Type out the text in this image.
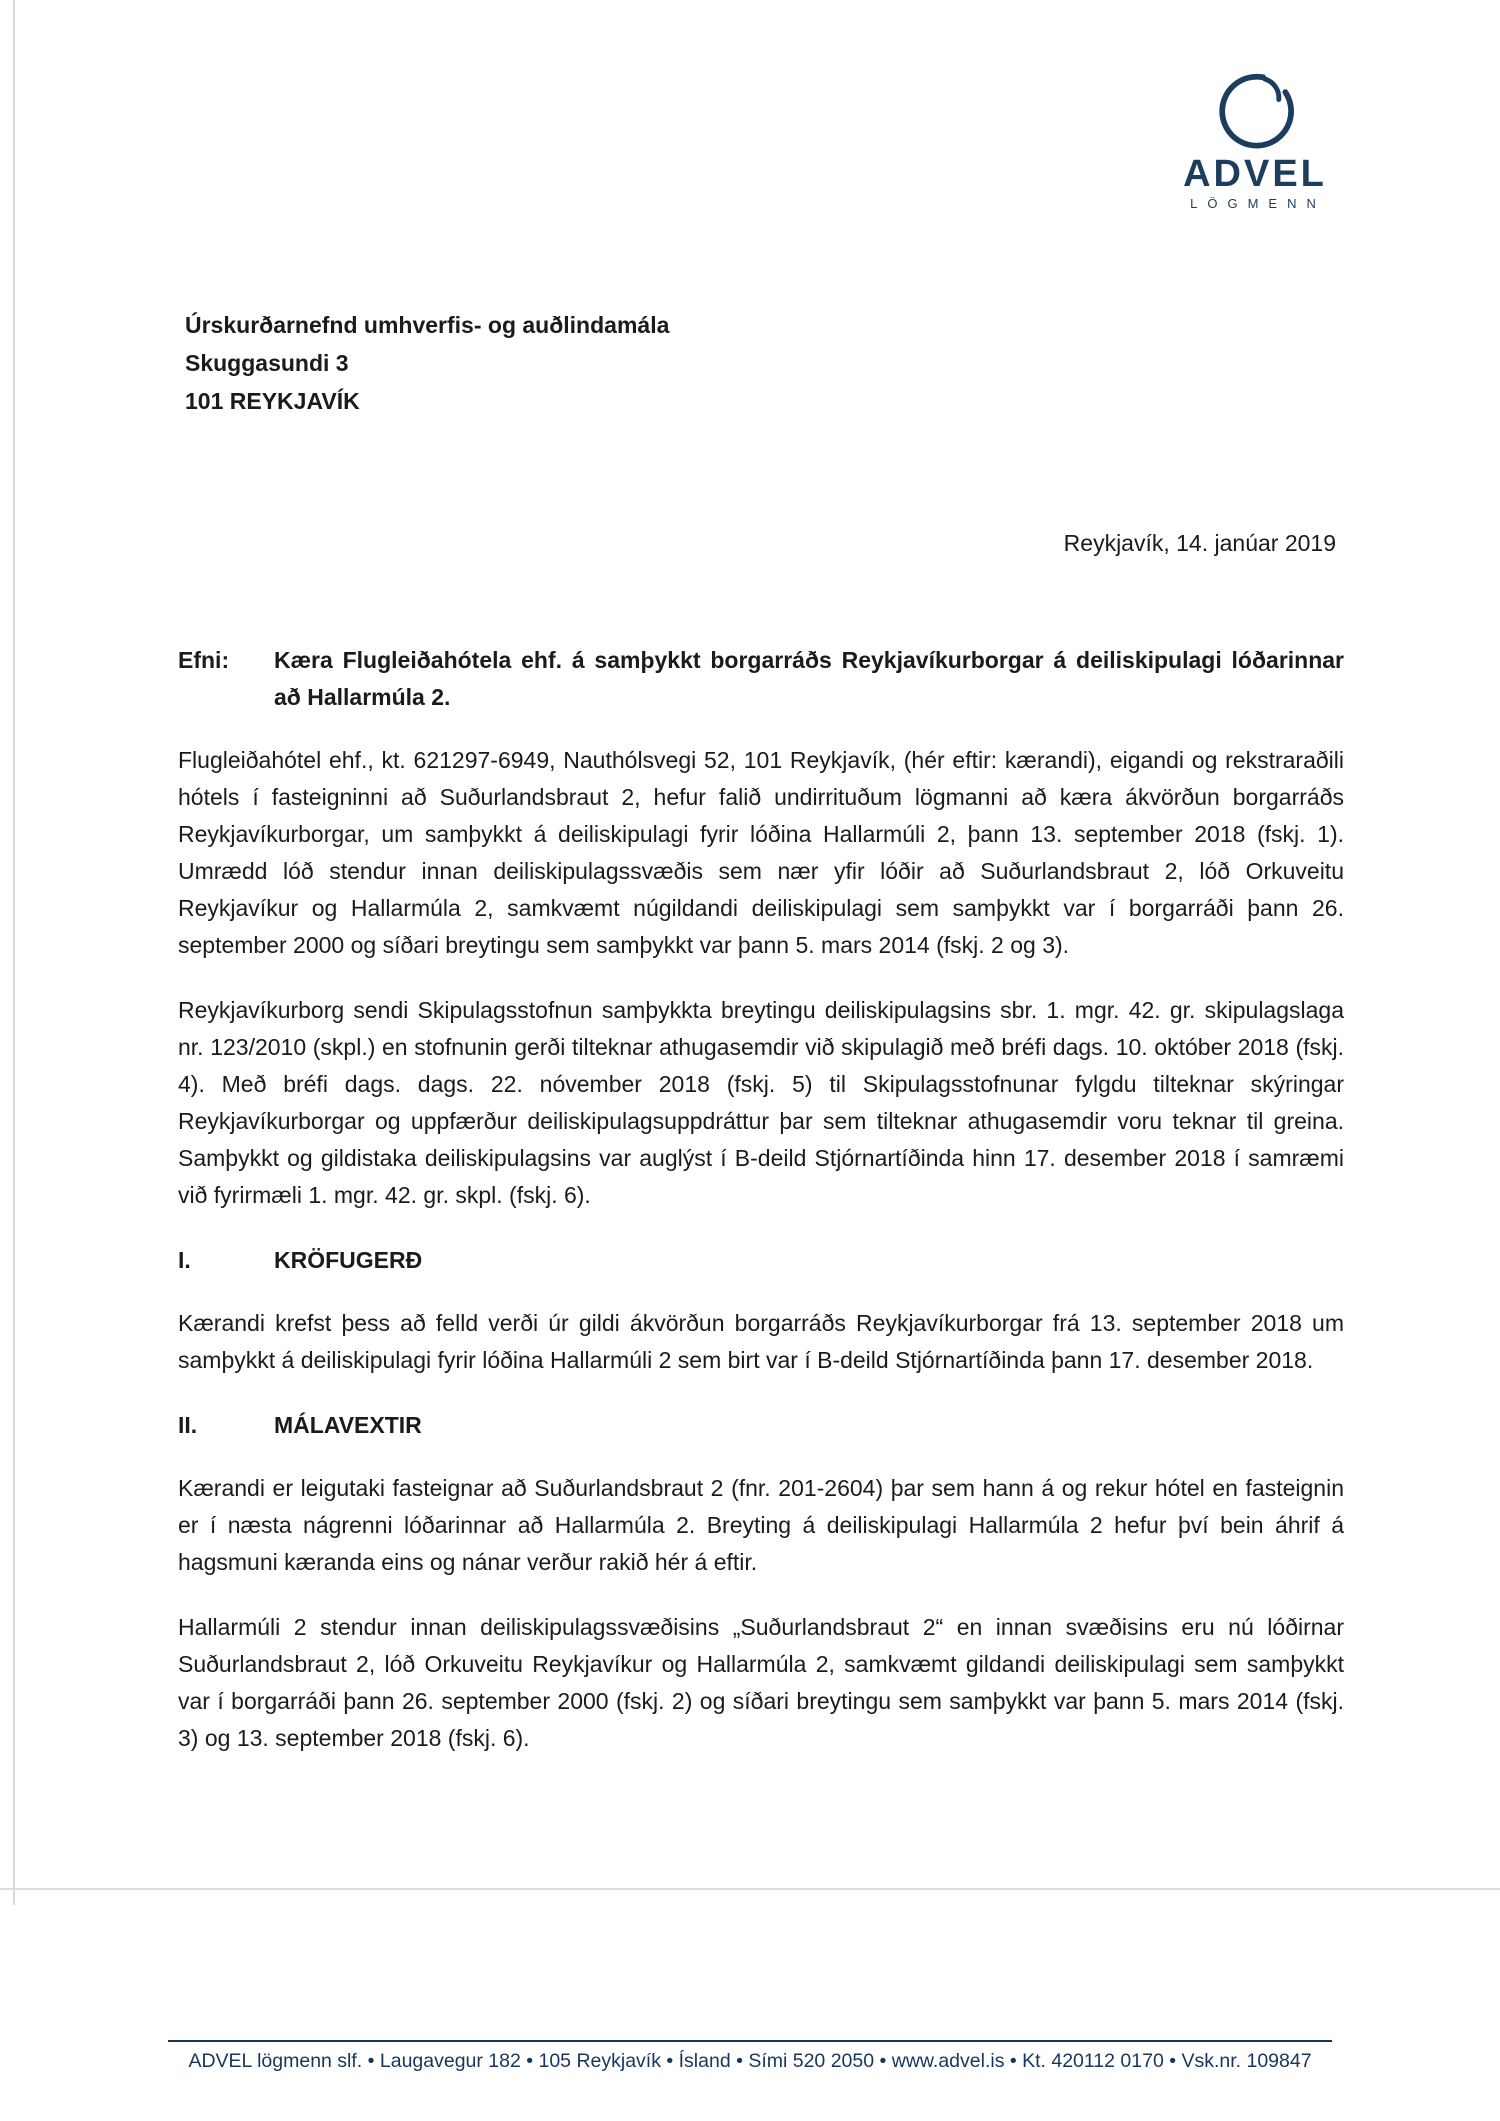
ADVEL
LÖGMENN
Úrskurðarnefnd umhverfis- og auðlindamála
Skuggasundi 3
101 REYKJAVÍK
Reykjavík, 14. janúar 2019
Efni:	Kæra Flugleiðahótela ehf. á samþykkt borgarráðs Reykjavíkurborgar á deiliskipulagi lóðarinnar að Hallarmúla 2.

Flugleiðahótel ehf., kt. 621297-6949, Nauthólsvegi 52, 101 Reykjavík, (hér eftir: kærandi), eigandi og rekstraraðili hótels í fasteigninni að Suðurlandsbraut 2, hefur falið undirrituðum lögmanni að kæra ákvörðun borgarráðs Reykjavíkurborgar, um samþykkt á deiliskipulagi fyrir lóðina Hallarmúli 2, þann 13. september 2018 (fskj. 1). Umrædd lóð stendur innan deiliskipulagssvæðis sem nær yfir lóðir að Suðurlandsbraut 2, lóð Orkuveitu Reykjavíkur og Hallarmúla 2, samkvæmt núgildandi deiliskipulagi sem samþykkt var í borgarráði þann 26. september 2000 og síðari breytingu sem samþykkt var þann 5. mars 2014 (fskj. 2 og 3).

Reykjavíkurborg sendi Skipulagsstofnun samþykkta breytingu deiliskipulagsins sbr. 1. mgr. 42. gr. skipulagslaga nr. 123/2010 (skpl.) en stofnunin gerði tilteknar athugasemdir við skipulagið með bréfi dags. 10. október 2018 (fskj. 4). Með bréfi dags. dags. 22. nóvember 2018 (fskj. 5) til Skipulagsstofnunar fylgdu tilteknar skýringar Reykjavíkurborgar og uppfærður deiliskipulagsuppdráttur þar sem tilteknar athugasemdir voru teknar til greina. Samþykkt og gildistaka deiliskipulagsins var auglýst í B-deild Stjórnartíðinda hinn 17. desember 2018 í samræmi við fyrirmæli 1. mgr. 42. gr. skpl. (fskj. 6).

I.	KRÖFUGERÐ

Kærandi krefst þess að felld verði úr gildi ákvörðun borgarráðs Reykjavíkurborgar frá 13. september 2018 um samþykkt á deiliskipulagi fyrir lóðina Hallarmúli 2 sem birt var í B-deild Stjórnartíðinda þann 17. desember 2018.

II.	MÁLAVEXTIR

Kærandi er leigutaki fasteignar að Suðurlandsbraut 2 (fnr. 201-2604) þar sem hann á og rekur hótel en fasteignin er í næsta nágrenni lóðarinnar að Hallarmúla 2. Breyting á deiliskipulagi Hallarmúla 2 hefur því bein áhrif á hagsmuni kæranda eins og nánar verður rakið hér á eftir.

Hallarmúli 2 stendur innan deiliskipulagssvæðisins „Suðurlandsbraut 2“ en innan svæðisins eru nú lóðirnar Suðurlandsbraut 2, lóð Orkuveitu Reykjavíkur og Hallarmúla 2, samkvæmt gildandi deiliskipulagi sem samþykkt var í borgarráði þann 26. september 2000 (fskj. 2) og síðari breytingu sem samþykkt var þann 5. mars 2014 (fskj. 3) og 13. september 2018 (fskj. 6).

ADVEL lögmenn slf. • Laugavegur 182 • 105 Reykjavík • Ísland • Sími 520 2050 • www.advel.is • Kt. 420112 0170 • Vsk.nr. 109847
